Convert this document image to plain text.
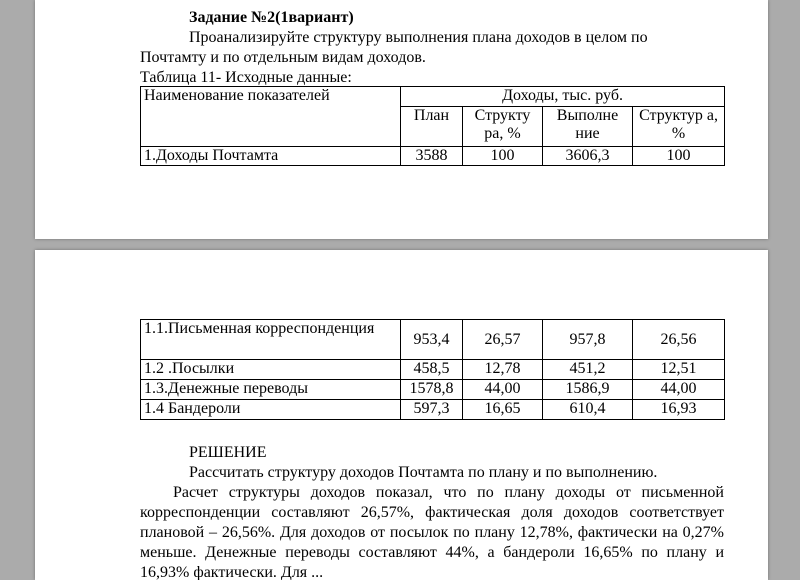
Задание №2(1вариант)
Проанализируйте структуру выполнения плана доходов в целом по
Почтамту и по отдельным видам доходов.
Таблица 11- Исходные данные:
Наименование показателей	Доходы, тыс. руб.			
	План	Структу ра, %	Выполне ние	Структур а, %
1.Доходы Почтамта	3588	100	3606,3	100
1.1.Письменная корреспонденция	953,4	26,57	957,8	26,56
1.2 .Посылки	458,5	12,78	451,2	12,51
1.3.Денежные переводы	1578,8	44,00	1586,9	44,00
1.4 Бандероли	597,3	16,65	610,4	16,93
РЕШЕНИЕ
Рассчитать структуру доходов Почтамта по плану и по выполнению.
Расчет структуры доходов показал, что по плану доходы от письменной корреспонденции составляют 26,57%, фактическая доля доходов соответствует плановой – 26,56%. Для доходов от посылок по плану 12,78%, фактически на 0,27% меньше. Денежные переводы составляют 44%, а бандероли 16,65% по плану и 16,93% фактически. Для ...
